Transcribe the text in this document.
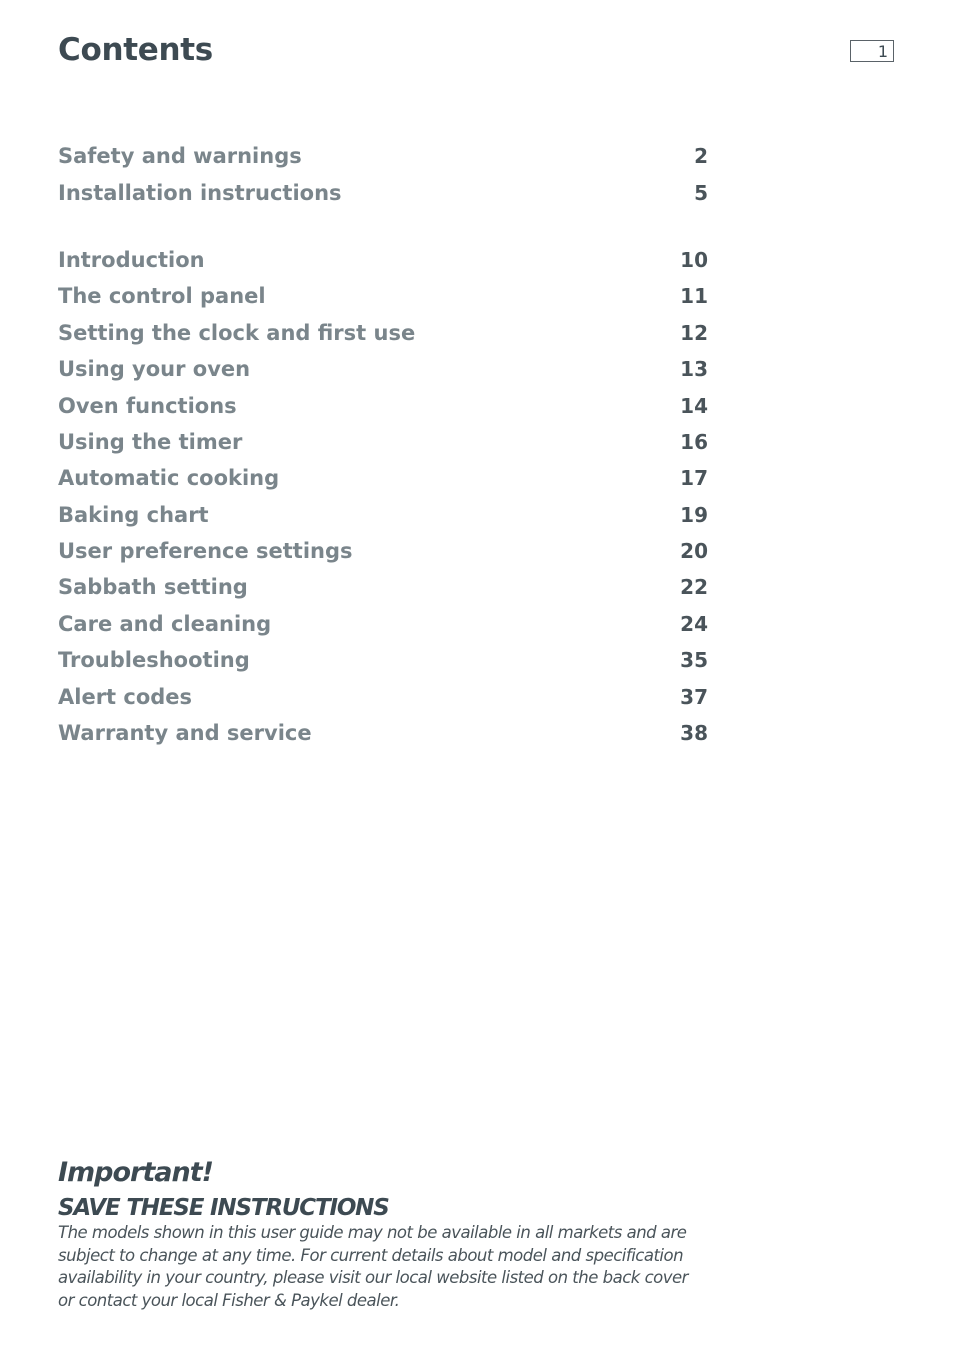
Contents	1
Safety and warnings	2
Installation instructions	5
Introduction	10
The control panel	11
Setting the clock and first use	12
Using your oven	13
Oven functions	14
Using the timer	16
Automatic cooking	17
Baking chart	19
User preference settings	20
Sabbath setting	22
Care and cleaning	24
Troubleshooting	35
Alert codes	37
Warranty and service	38
Important!
SAVE THESE INSTRUCTIONS

The models shown in this user guide may not be available in all markets and are subject to change at any time. For current details about model and specification availability in your country, please visit our local website listed on the back cover or contact your local Fisher & Paykel dealer.
